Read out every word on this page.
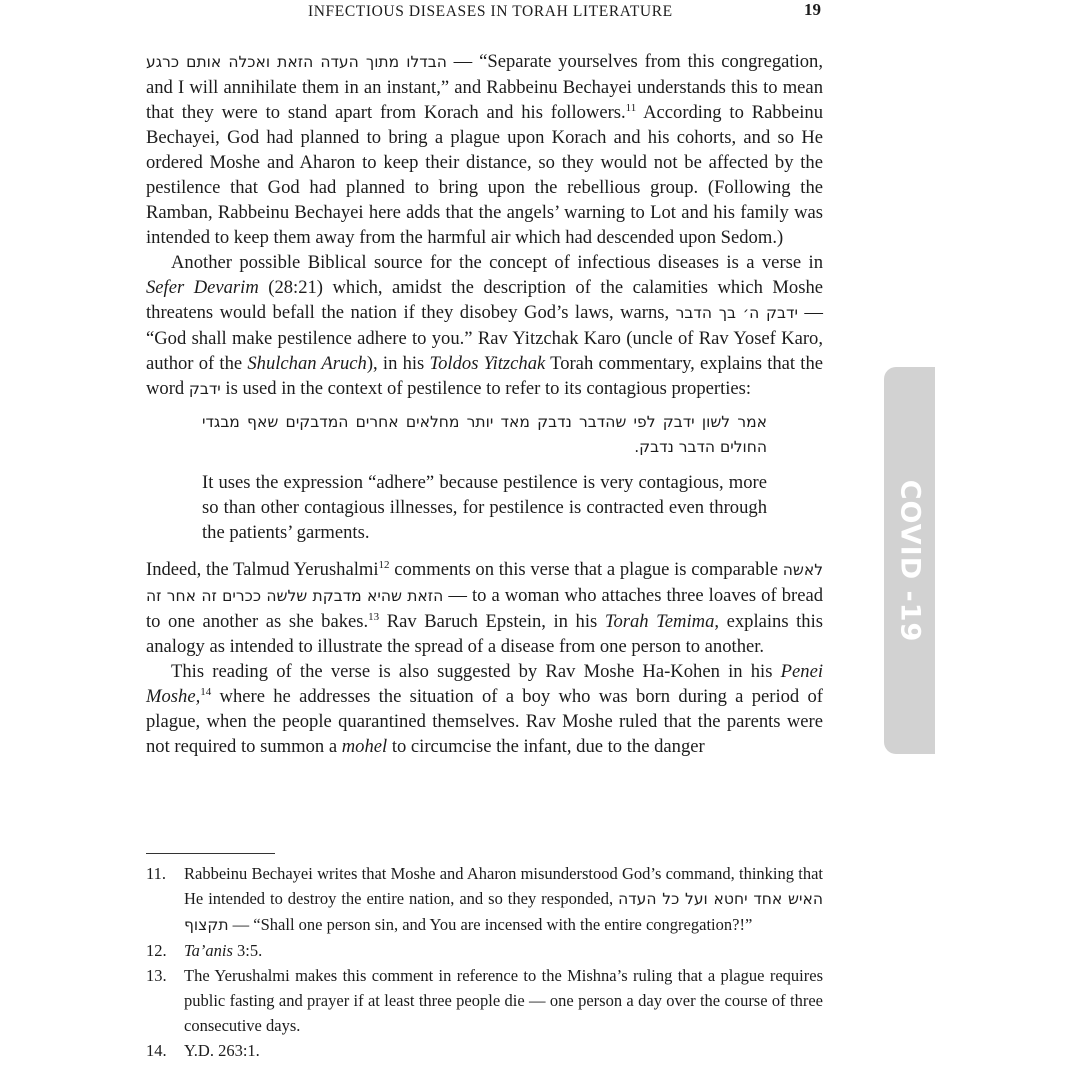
INFECTIOUS DISEASES IN TORAH LITERATURE	19

הבדלו מתוך העדה הזאת ואכלה אותם כרגע — “Separate yourselves from this congregation, and I will annihilate them in an instant,” and Rabbeinu Bechayei understands this to mean that they were to stand apart from Korach and his followers.$^{11}$ According to Rabbeinu Bechayei, God had planned to bring a plague upon Korach and his cohorts, and so He ordered Moshe and Aharon to keep their distance, so they would not be affected by the pestilence that God had planned to bring upon the rebellious group. (Following the Ramban, Rabbeinu Bechayei here adds that the angels’ warning to Lot and his family was intended to keep them away from the harmful air which had descended upon Sedom.)

Another possible Biblical source for the concept of infectious diseases is a verse in Sefer Devarim (28:21) which, amidst the description of the calamities which Moshe threatens would befall the nation if they disobey God’s laws, warns, ידבק ה׳ בך הדבר — “God shall make pestilence adhere to you.” Rav Yitzchak Karo (uncle of Rav Yosef Karo, author of the Shulchan Aruch), in his Toldos Yitzchak Torah commentary, explains that the word ידבק is used in the context of pestilence to refer to its contagious properties:

אמר לשון ידבק לפי שהדבר נדבק מאד יותר מחלאים אחרים המדבקים שאף מבגדי החולים הדבר נדבק.
It uses the expression “adhere” because pestilence is very contagious, more so than other contagious illnesses, for pestilence is contracted even through the patients’ garments.

Indeed, the Talmud Yerushalmi$^{12}$ comments on this verse that a plague is comparable לאשה הזאת שהיא מדבקת שלשה ככרים זה אחר זה — to a woman who attaches three loaves of bread to one another as she bakes.$^{13}$ Rav Baruch Epstein, in his Torah Temima, explains this analogy as intended to illustrate the spread of a disease from one person to another.

This reading of the verse is also suggested by Rav Moshe Ha-Kohen in his Penei Moshe,$^{14}$ where he addresses the situation of a boy who was born during a period of plague, when the people quarantined themselves. Rav Moshe ruled that the parents were not required to summon a mohel to circumcise the infant, due to the danger

11.	Rabbeinu Bechayei writes that Moshe and Aharon misunderstood God’s command, thinking that He intended to destroy the entire nation, and so they responded, האיש אחד יחטא ועל כל העדה תקצוף — “Shall one person sin, and You are incensed with the entire congregation?!”
12.	Ta’anis 3:5.
13.	The Yerushalmi makes this comment in reference to the Mishna’s ruling that a plague requires public fasting and prayer if at least three people die — one person a day over the course of three consecutive days.
14.	Y.D. 263:1.
COVID -19
